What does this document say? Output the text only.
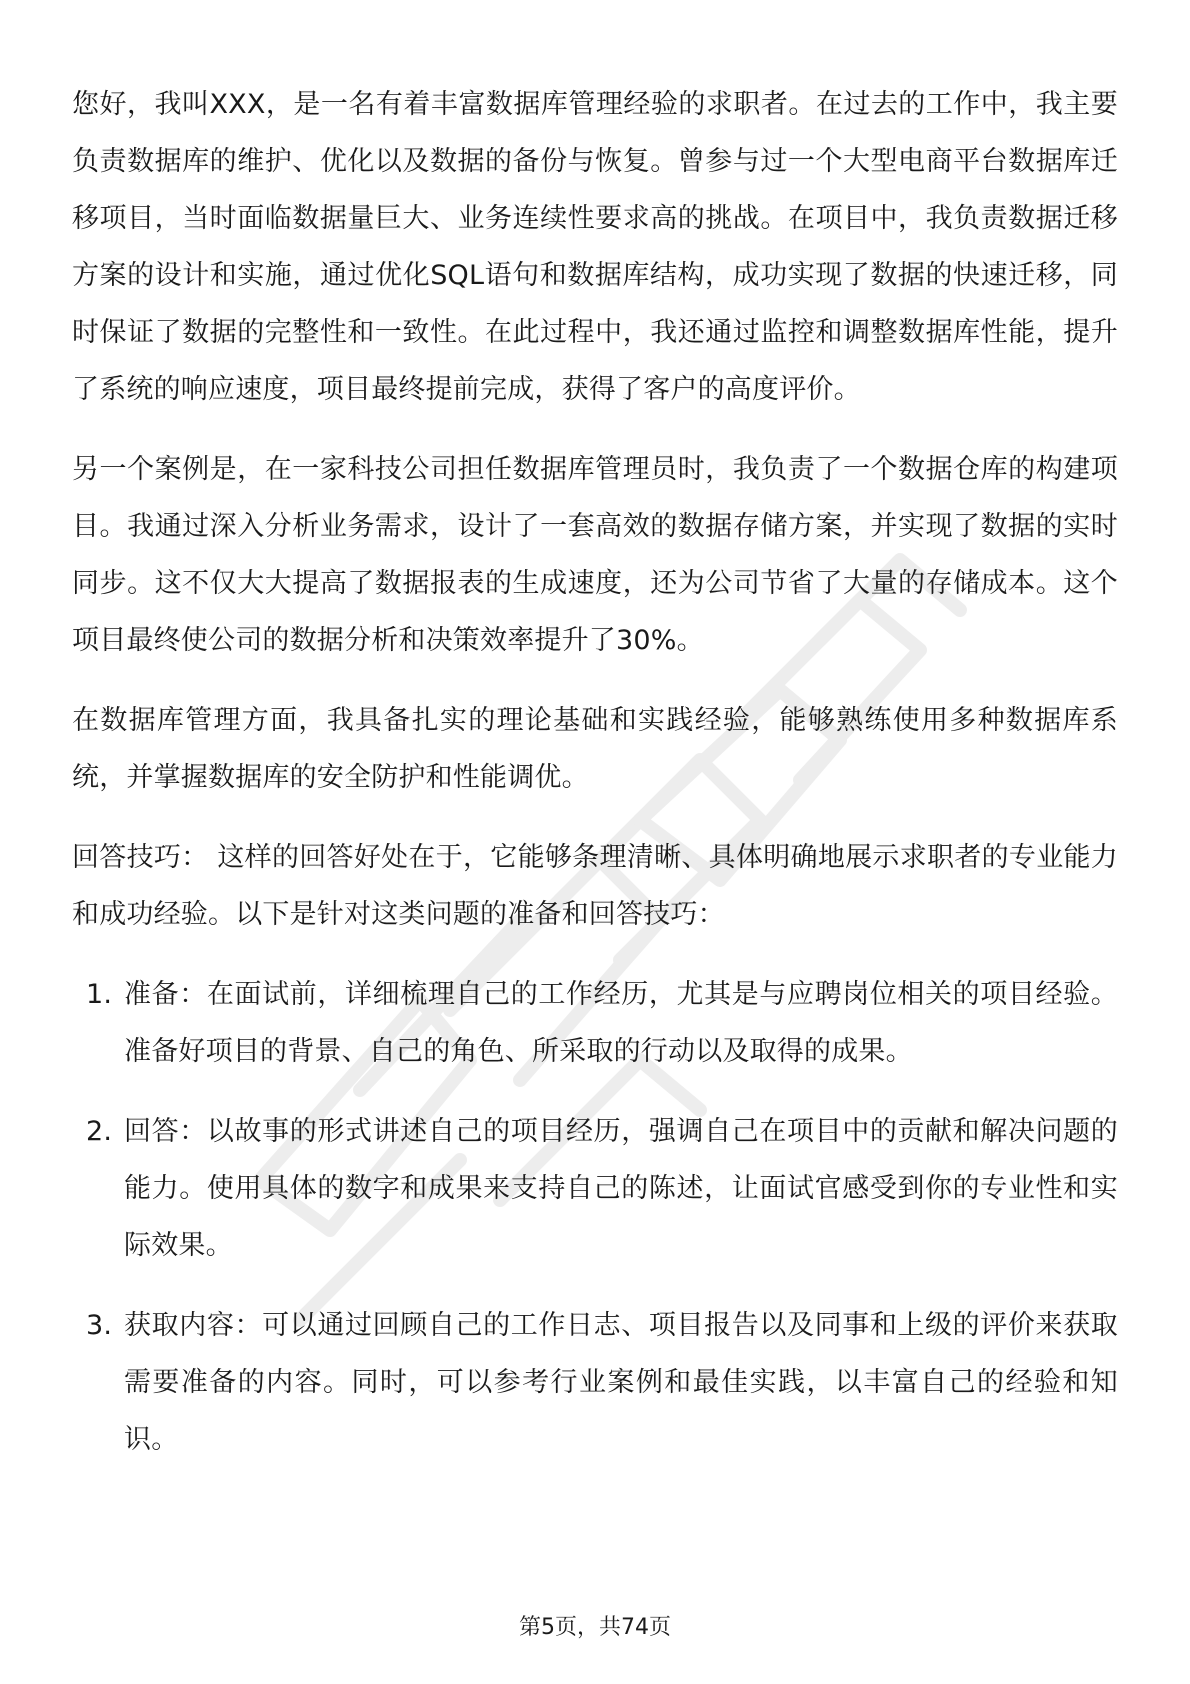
您好，我叫XXX，是一名有着丰富数据库管理经验的求职者。在过去的工作中，我主要负责数据库的维护、优化以及数据的备份与恢复。曾参与过一个大型电商平台数据库迁移项目，当时面临数据量巨大、业务连续性要求高的挑战。在项目中，我负责数据迁移方案的设计和实施，通过优化SQL语句和数据库结构，成功实现了数据的快速迁移，同时保证了数据的完整性和一致性。在此过程中，我还通过监控和调整数据库性能，提升了系统的响应速度，项目最终提前完成，获得了客户的高度评价。

另一个案例是，在一家科技公司担任数据库管理员时，我负责了一个数据仓库的构建项目。我通过深入分析业务需求，设计了一套高效的数据存储方案，并实现了数据的实时同步。这不仅大大提高了数据报表的生成速度，还为公司节省了大量的存储成本。这个项目最终使公司的数据分析和决策效率提升了30%。

在数据库管理方面，我具备扎实的理论基础和实践经验，能够熟练使用多种数据库系统，并掌握数据库的安全防护和性能调优。

回答技巧： 这样的回答好处在于，它能够条理清晰、具体明确地展示求职者的专业能力和成功经验。以下是针对这类问题的准备和回答技巧：

1. 准备：在面试前，详细梳理自己的工作经历，尤其是与应聘岗位相关的项目经验。准备好项目的背景、自己的角色、所采取的行动以及取得的成果。
2. 回答：以故事的形式讲述自己的项目经历，强调自己在项目中的贡献和解决问题的能力。使用具体的数字和成果来支持自己的陈述，让面试官感受到你的专业性和实际效果。
3. 获取内容：可以通过回顾自己的工作日志、项目报告以及同事和上级的评价来获取需要准备的内容。同时，可以参考行业案例和最佳实践，以丰富自己的经验和知识。
第5页，共74页
